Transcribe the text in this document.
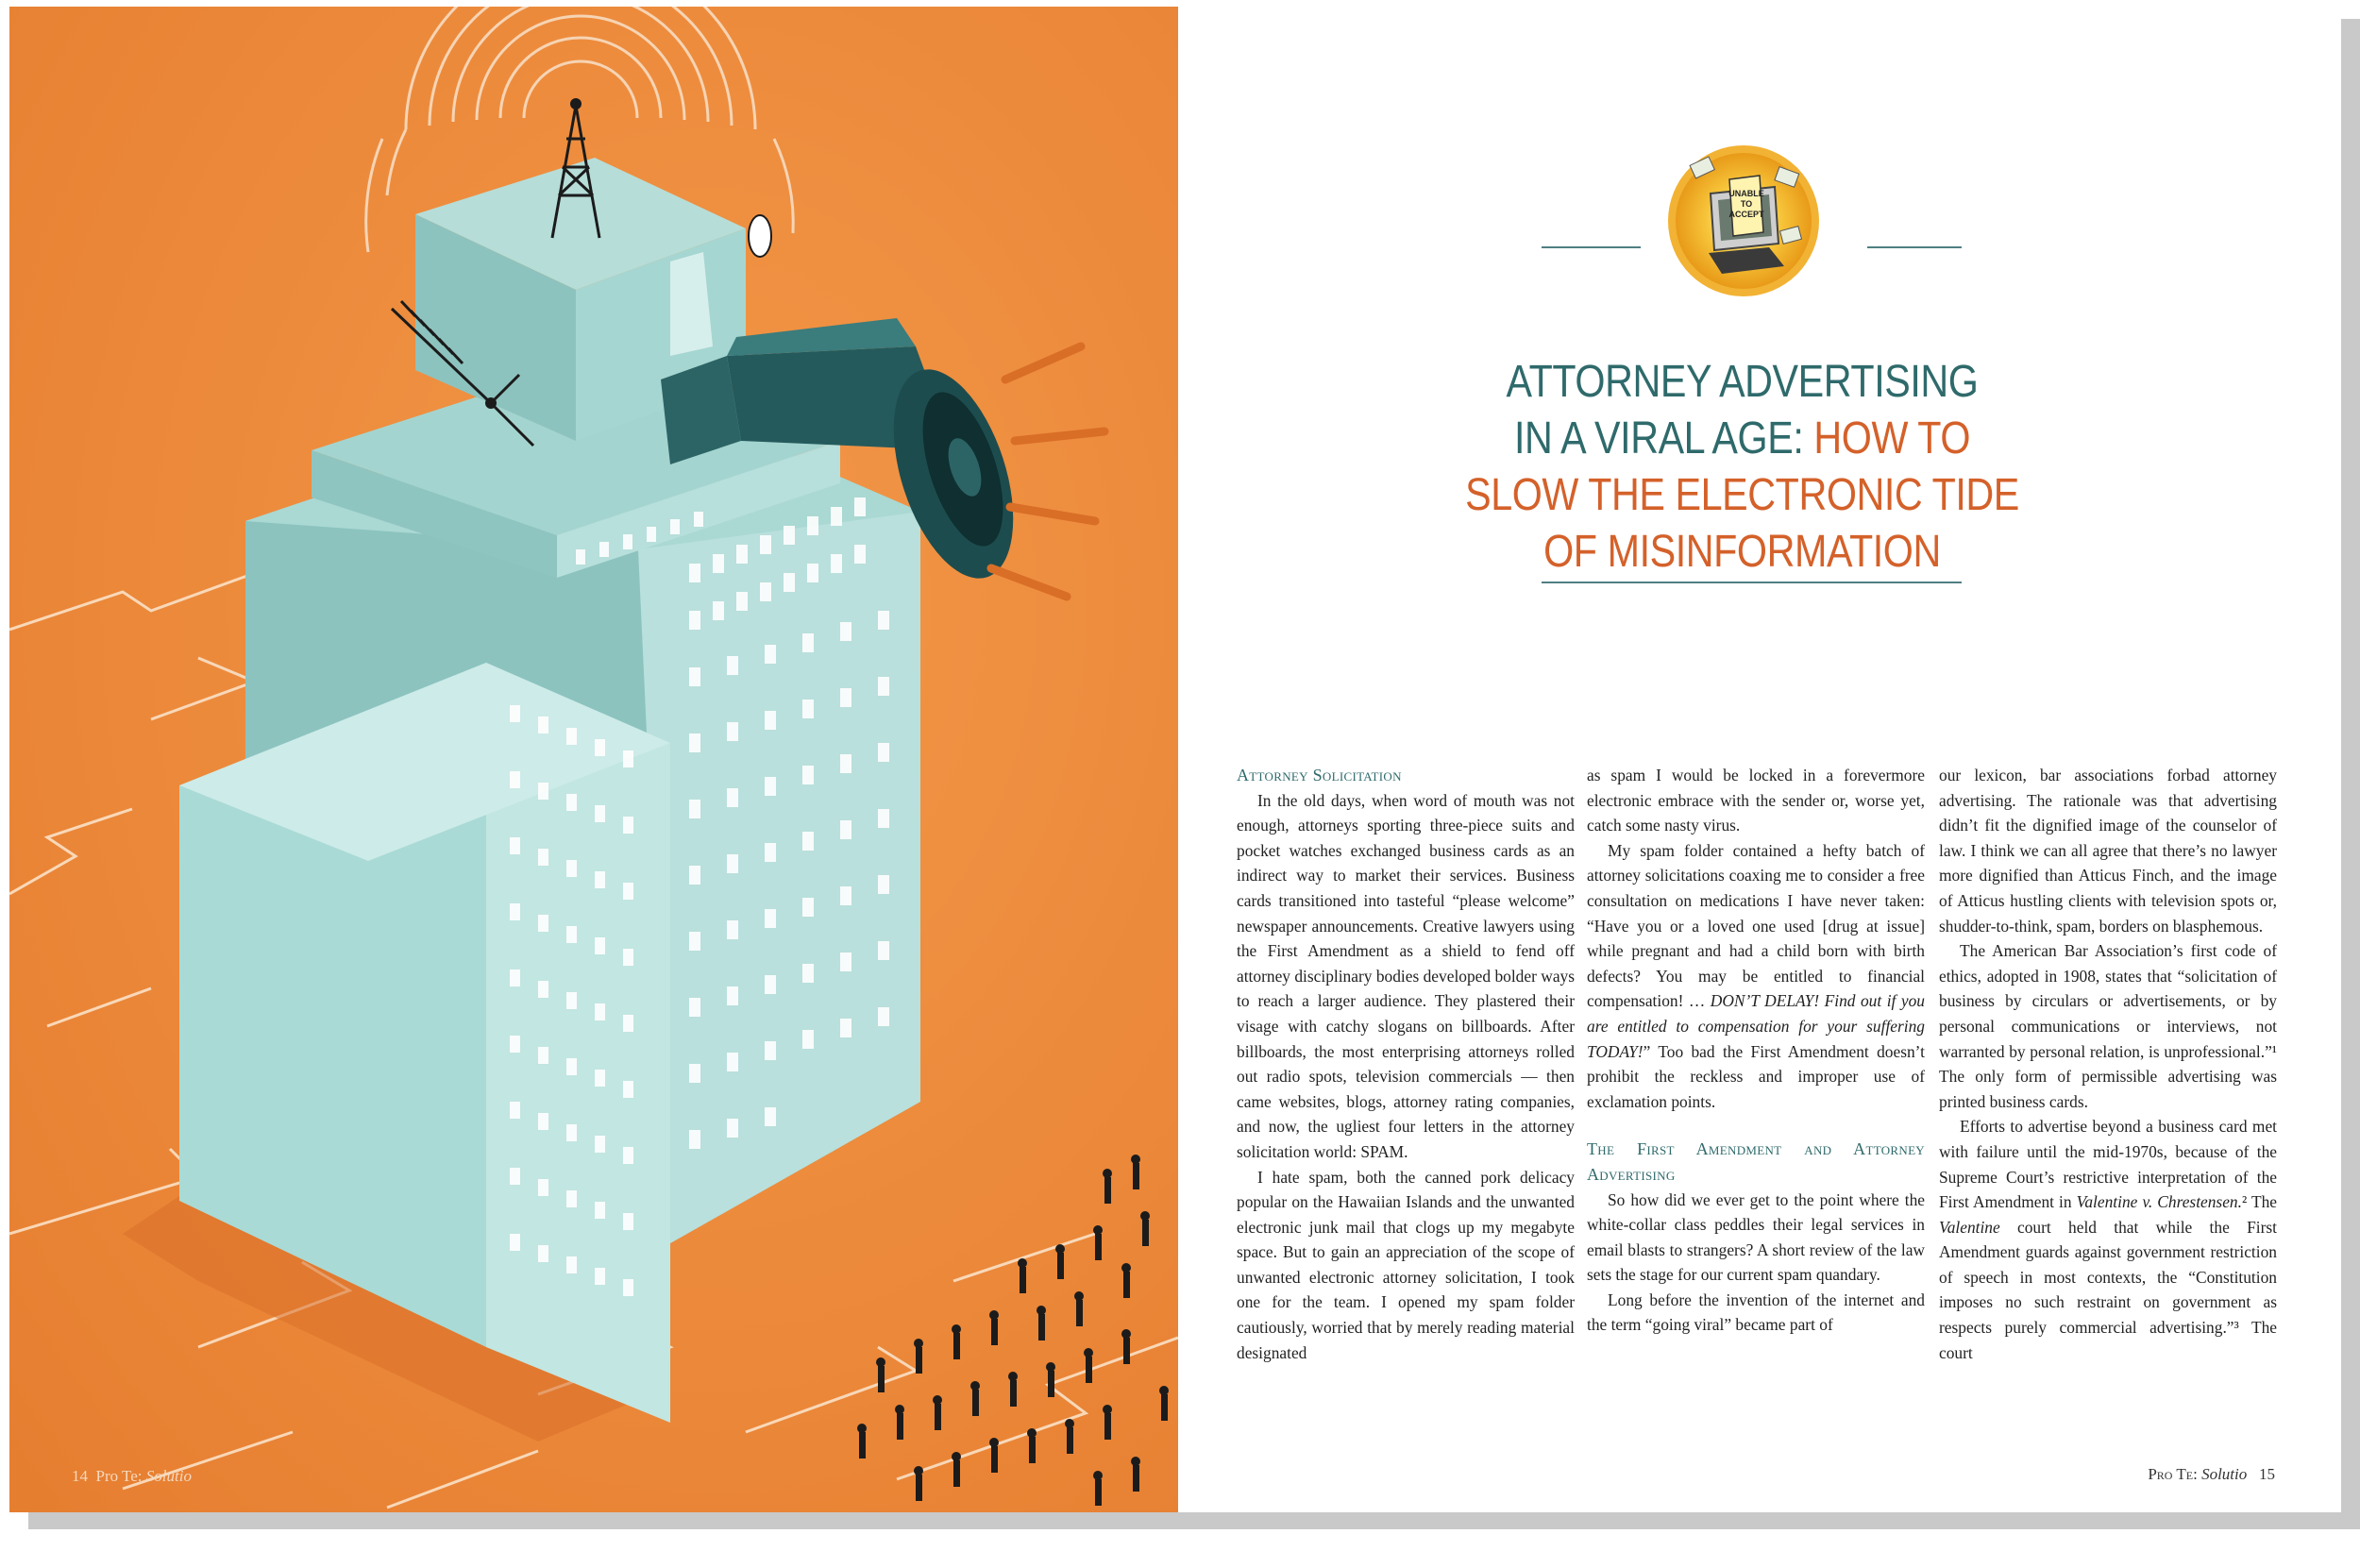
14 Pro Te: Solutio
UNABLE
TO
ACCEPT
ATTORNEY ADVERTISING
IN A VIRAL AGE: HOW TO
SLOW THE ELECTRONIC TIDE
OF MISINFORMATION

Attorney Solicitation

In the old days, when word of mouth was not enough, attorneys sporting three-piece suits and pocket watches exchanged business cards as an indirect way to market their services. Business cards transitioned into tasteful “please welcome” newspaper announcements. Creative lawyers using the First Amendment as a shield to fend off attorney disciplinary bodies developed bolder ways to reach a larger audience. They plastered their visage with catchy slogans on billboards. After billboards, the most enterprising attorneys rolled out radio spots, television commercials — then came websites, blogs, attorney rating companies, and now, the ugliest four letters in the attorney solicitation world: SPAM.

I hate spam, both the canned pork delicacy popular on the Hawaiian Islands and the unwanted electronic junk mail that clogs up my megabyte space. But to gain an appreciation of the scope of unwanted electronic attorney solicitation, I took one for the team. I opened my spam folder cautiously, worried that by merely reading material designated

as spam I would be locked in a forevermore electronic embrace with the sender or, worse yet, catch some nasty virus.

My spam folder contained a hefty batch of attorney solicitations coaxing me to consider a free consultation on medications I have never taken: “Have you or a loved one used [drug at issue] while pregnant and had a child born with birth defects? You may be entitled to financial compensation! … DON’T DELAY! Find out if you are entitled to compensation for your suffering TODAY!” Too bad the First Amendment doesn’t prohibit the reckless and improper use of exclamation points.

The First Amendment and Attorney Advertising

So how did we ever get to the point where the white-collar class peddles their legal services in email blasts to strangers? A short review of the law sets the stage for our current spam quandary.

Long before the invention of the internet and the term “going viral” became part of

our lexicon, bar associations forbad attorney advertising. The rationale was that advertising didn’t fit the dignified image of the counselor of law. I think we can all agree that there’s no lawyer more dignified than Atticus Finch, and the image of Atticus hustling clients with television spots or, shudder-to-think, spam, borders on blasphemous.

The American Bar Association’s first code of ethics, adopted in 1908, states that “solicitation of business by circulars or advertisements, or by personal communications or interviews, not warranted by personal relation, is unprofessional.”¹ The only form of permissible advertising was printed business cards.

Efforts to advertise beyond a business card met with failure until the mid-1970s, because of the Supreme Court’s restrictive interpretation of the First Amendment in Valentine v. Chrestensen.² The Valentine court held that while the First Amendment guards against government restriction of speech in most contexts, the “Constitution imposes no such restraint on government as respects purely commercial advertising.”³ The court

Pro Te: Solutio 15
